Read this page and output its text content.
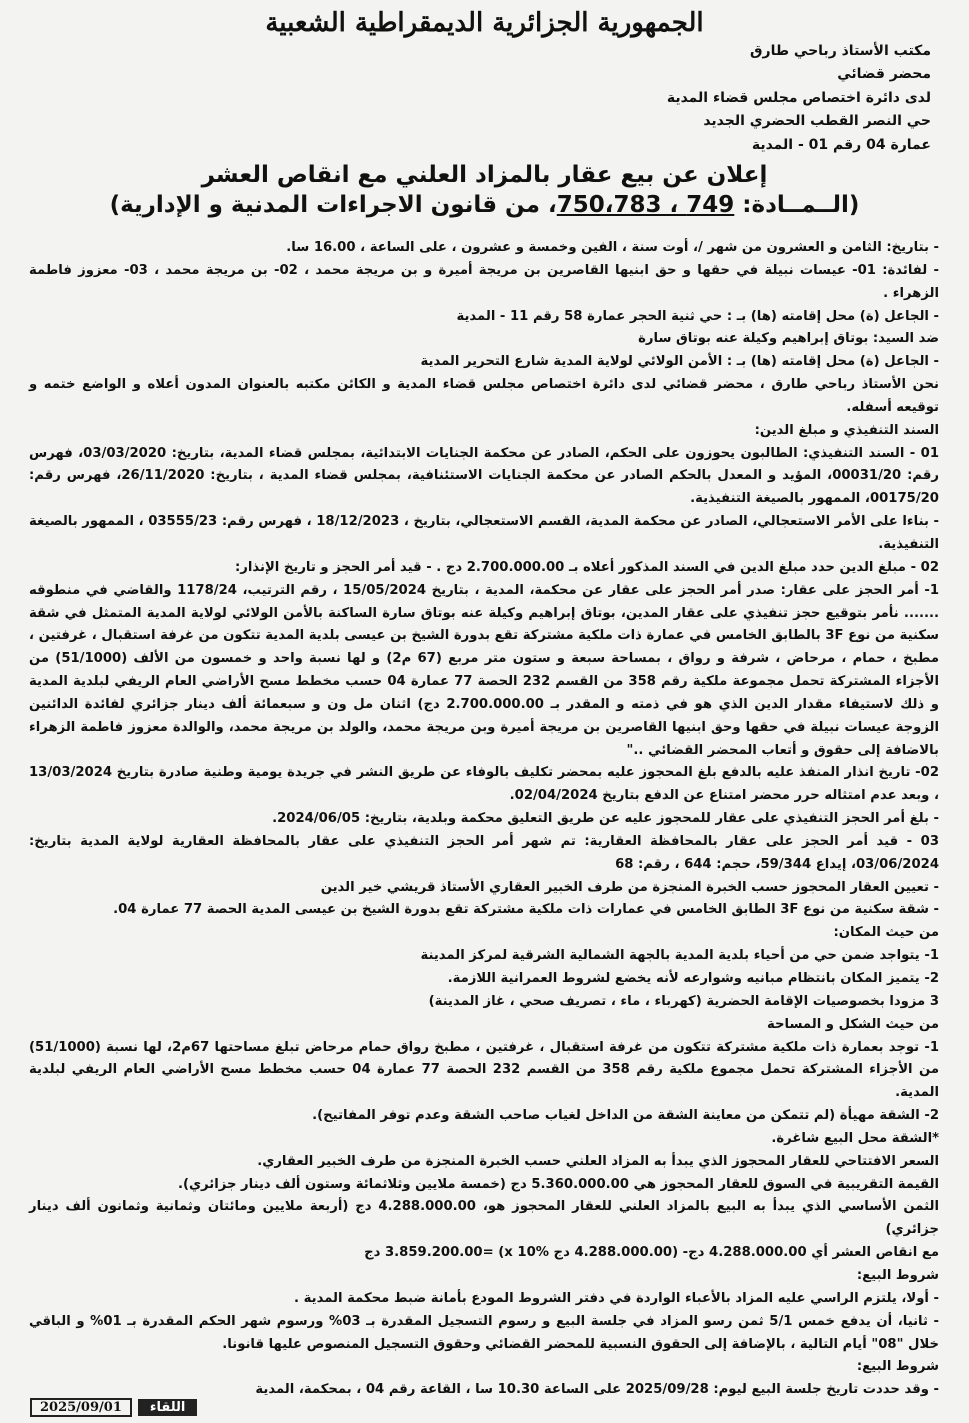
الجمهورية الجزائرية الديمقراطية الشعبية
مكتب الأستاذ رباحي طارق
محضر قضائي
لدى دائرة اختصاص مجلس قضاء المدية
حي النصر القطب الحضري الجديد
عمارة 04 رقم 01 - المدية
إعلان عن بيع عقار بالمزاد العلني مع انقاص العشر
(الــمــادة: 749 ، 750،783، من قانون الاجراءات المدنية و الإدارية)

- بتاريخ: الثامن و العشرون من شهر /، أوت سنة ، الفين وخمسة و عشرون ، على الساعة ، 16.00 سا.

- لفائدة: 01- عيسات نبيلة في حقها و حق ابنيها القاصرين بن مريجة أميرة و بن مريجة محمد ، 02- بن مريجة محمد ، 03- معزوز فاطمة الزهراء .

- الجاعل (ة) محل إقامته (ها) بـ : حي ثنية الحجر عمارة 58 رقم 11 - المدية

ضد السيد: بوتاق إبراهيم وكيلة عنه بوتاق سارة

- الجاعل (ة) محل إقامته (ها) بـ : الأمن الولائي لولاية المدية شارع التحرير المدية

نحن الأستاذ رباحي طارق ، محضر قضائي لدى دائرة اختصاص مجلس قضاء المدية و الكائن مكتبه بالعنوان المدون أعلاه و الواضع ختمه و توقيعه أسفله.

السند التنفيذي و مبلغ الدين:

01 - السند التنفيذي: الطالبون يحوزون على الحكم، الصادر عن محكمة الجنايات الابتدائية، بمجلس قضاء المدية، بتاريخ: 03/03/2020، فهرس رقم: 00031/20، المؤيد و المعدل بالحكم الصادر عن محكمة الجنايات الاستئنافية، بمجلس قضاء المدية ، بتاريخ: 26/11/2020، فهرس رقم: 00175/20، الممهور بالصيغة التنفيذية.

- بناءا على الأمر الاستعجالي، الصادر عن محكمة المدية، القسم الاستعجالي، بتاريخ ، 18/12/2023 ، فهرس رقم: 03555/23 ، الممهور بالصيغة التنفيذية.

02 - مبلغ الدين حدد مبلغ الدين في السند المذكور أعلاه بـ 2.700.000.00 دج . - قيد أمر الحجز و تاريخ الإنذار:

1- أمر الحجز على عقار: صدر أمر الحجز على عقار عن محكمة، المدية ، بتاريخ 15/05/2024 ، رقم الترتيب، 1178/24 والقاضي في منطوقه ....... نأمر بتوقيع حجز تنفيذي على عقار المدين، بوتاق إبراهيم وكيلة عنه بوتاق سارة الساكنة بالأمن الولائي لولاية المدية المتمثل في شقة سكنية من نوع 3F بالطابق الخامس في عمارة ذات ملكية مشتركة تقع بدورة الشيخ بن عيسى بلدية المدية تتكون من غرفة استقبال ، غرفتين ، مطبخ ، حمام ، مرحاض ، شرفة و رواق ، بمساحة سبعة و ستون متر مربع (67 م2) و لها نسبة واحد و خمسون من الألف (51/1000) من الأجزاء المشتركة تحمل مجموعة ملكية رقم 358 من القسم 232 الحصة 77 عمارة 04 حسب مخطط مسح الأراضي العام الريفي لبلدية المدية و ذلك لاستيفاء مقدار الدين الذي هو في ذمته و المقدر بـ 2.700.000.00 دج) اثنان مل ون و سبعمائة ألف دينار جزائري لفائدة الدائنين الزوجة عيسات نبيلة في حقها وحق ابنيها القاصرين بن مريجة أميرة وبن مريجة محمد، والولد بن مريجة محمد، والوالدة معزوز فاطمة الزهراء بالاضافة إلى حقوق و أتعاب المحضر القضائي .."

02- تاريخ انذار المنفذ عليه بالدفع بلغ المحجوز عليه بمحضر تكليف بالوفاء عن طريق النشر في جريدة يومية وطنية صادرة بتاريخ 13/03/2024 ، وبعد عدم امتثاله حرر محضر امتناع عن الدفع بتاريخ 02/04/2024.

- بلغ أمر الحجز التنفيذي على عقار للمحجوز عليه عن طريق التعليق محكمة وبلدية، بتاريخ: 2024/06/05.

03 - قيد أمر الحجز على عقار بالمحافظة العقارية: تم شهر أمر الحجز التنفيذي على عقار بالمحافظة العقارية لولاية المدية بتاريخ: 03/06/2024، إيداع 59/344، حجم: 644 ، رقم: 68

- تعيين العقار المحجوز حسب الخبرة المنجزة من طرف الخبير العقاري الأستاذ قريشي خير الدين

- شقة سكنية من نوع 3F الطابق الخامس في عمارات ذات ملكية مشتركة تقع بدورة الشيخ بن عيسى المدية الحصة 77 عمارة 04.

من حيث المكان:

1- يتواجد ضمن حي من أحياء بلدية المدية بالجهة الشمالية الشرقية لمركز المدينة

2- يتميز المكان بانتظام مبانيه وشوارعه لأنه يخضع لشروط العمرانية اللازمة.

3 مزودا بخصوصيات الإقامة الحضرية (كهرباء ، ماء ، تصريف صحي ، غاز المدينة)

من حيث الشكل و المساحة

1- توجد بعمارة ذات ملكية مشتركة تتكون من غرفة استقبال ، غرفتين ، مطبخ رواق حمام مرحاض تبلغ مساحتها 67م2، لها نسبة (51/1000) من الأجزاء المشتركة تحمل مجموع ملكية رقم 358 من القسم 232 الحصة 77 عمارة 04 حسب مخطط مسح الأراضي العام الريفي لبلدية المدية.

2- الشقة مهيأة (لم تتمكن من معاينة الشقة من الداخل لغياب صاحب الشقة وعدم توفر المفاتيح).

*الشقة محل البيع شاغرة.

السعر الافتتاحي للعقار المحجوز الذي يبدأ به المزاد العلني حسب الخبرة المنجزة من طرف الخبير العقاري.

القيمة التقريبية في السوق للعقار المحجوز هي 5.360.000.00 دج (خمسة ملايين وثلاثمائة وستون ألف دينار جزائري).

الثمن الأساسي الذي يبدأ به البيع بالمزاد العلني للعقار المحجوز هو، 4.288.000.00 دج (أربعة ملايين ومائتان وثمانية وثمانون ألف دينار جزائري)

مع انقاص العشر أي 4.288.000.00 دج- (4.288.000.00 دج x 10%) =3.859.200.00 دج

شروط البيع:

- أولا، يلتزم الراسي عليه المزاد بالأعباء الواردة في دفتر الشروط المودع بأمانة ضبط محكمة المدية .

- ثانيا، أن يدفع خمس 5/1 ثمن رسو المزاد في جلسة البيع و رسوم التسجيل المقدرة بـ 03% ورسوم شهر الحكم المقدرة بـ 01% و الباقي خلال "08" أيام التالية ، بالإضافة إلى الحقوق النسبية للمحضر القضائي وحقوق التسجيل المنصوص عليها قانونا.

شروط البيع:

- وقد حددت تاريخ جلسة البيع ليوم: 2025/09/28 على الساعة 10.30 سا ، القاعة رقم 04 ، بمحكمة، المدية

2025/09/01	اللقاء
